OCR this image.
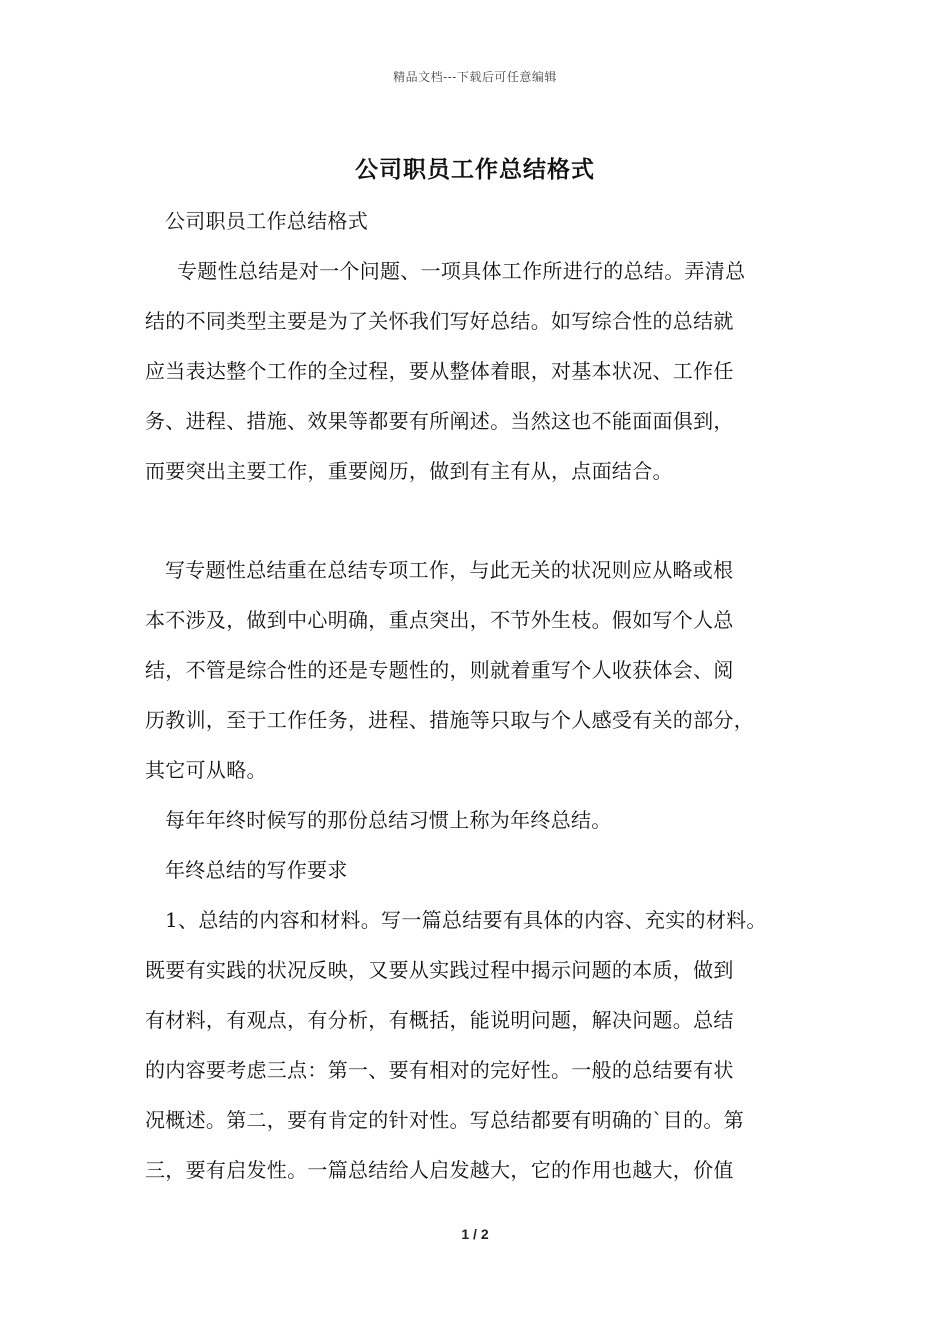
精品文档---下载后可任意编辑
公司职员工作总结格式
公司职员工作总结格式
专题性总结是对一个问题、一项具体工作所进行的总结。弄清总
结的不同类型主要是为了关怀我们写好总结。如写综合性的总结就
应当表达整个工作的全过程，要从整体着眼，对基本状况、工作任
务、进程、措施、效果等都要有所阐述。当然这也不能面面俱到，
而要突出主要工作，重要阅历，做到有主有从，点面结合。
写专题性总结重在总结专项工作，与此无关的状况则应从略或根
本不涉及，做到中心明确，重点突出，不节外生枝。假如写个人总
结，不管是综合性的还是专题性的，则就着重写个人收获体会、阅
历教训，至于工作任务，进程、措施等只取与个人感受有关的部分，
其它可从略。
每年年终时候写的那份总结习惯上称为年终总结。
年终总结的写作要求
1、总结的内容和材料。写一篇总结要有具体的内容、充实的材料。
既要有实践的状况反映，又要从实践过程中揭示问题的本质，做到
有材料，有观点，有分析，有概括，能说明问题，解决问题。总结
的内容要考虑三点：第一、要有相对的完好性。一般的总结要有状
况概述。第二，要有肯定的针对性。写总结都要有明确的`目的。第
三，要有启发性。一篇总结给人启发越大，它的作用也越大，价值
1 / 2
